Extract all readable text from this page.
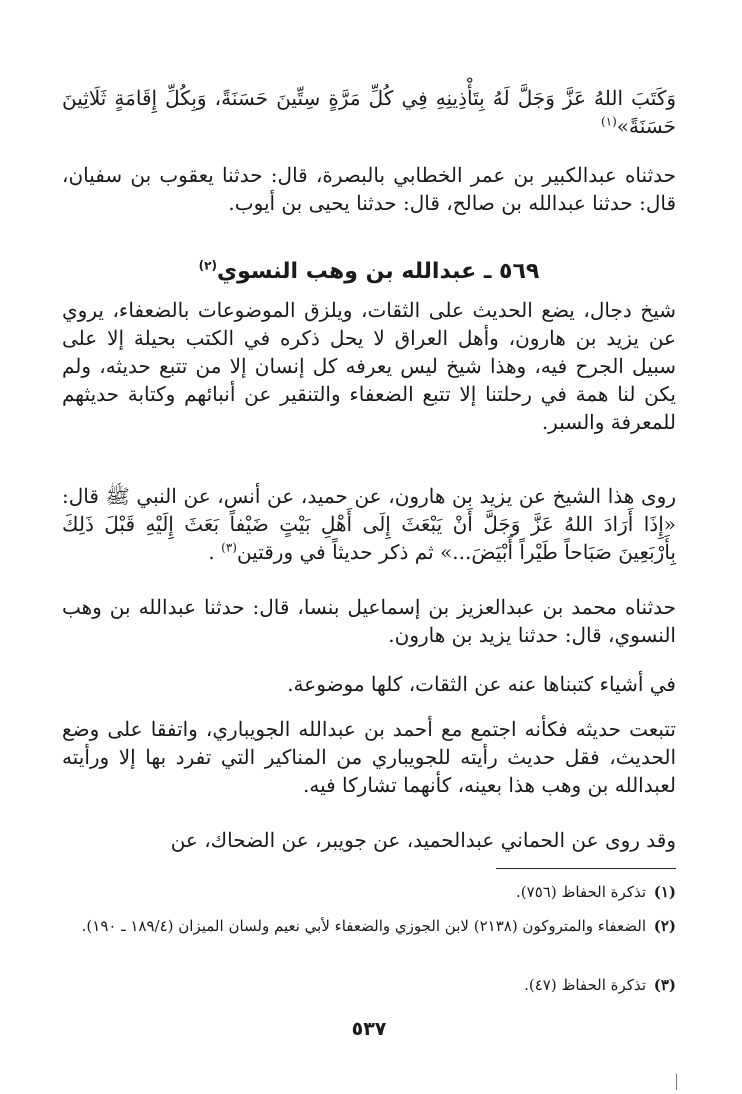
وَكَتَبَ اللهُ عَزَّ وَجَلَّ لَهُ بِتَأْذِينِهِ فِي كُلِّ مَرَّةٍ سِتِّينَ حَسَنَةً، وَبِكُلِّ إِقَامَةٍ ثَلَاثِينَ حَسَنَةً»$^{(١)}$

حدثناه عبدالكبير بن عمر الخطابي بالبصرة، قال: حدثنا يعقوب بن سفيان، قال: حدثنا عبدالله بن صالح، قال: حدثنا يحيى بن أيوب.

٥٦٩ ـ عبدالله بن وهب النسوي$^{(٢)}$

شيخ دجال، يضع الحديث على الثقات، ويلزق الموضوعات بالضعفاء، يروي عن يزيد بن هارون، وأهل العراق لا يحل ذكره في الكتب بحيلة إلا على سبيل الجرح فيه، وهذا شيخ ليس يعرفه كل إنسان إلا من تتبع حديثه، ولم يكن لنا همة في رحلتنا إلا تتبع الضعفاء والتنقير عن أنبائهم وكتابة حديثهم للمعرفة والسبر.

روى هذا الشيخ عن يزيد بن هارون، عن حميد، عن أنس، عن النبي ﷺ قال: «إِذَا أَرَادَ اللهُ عَزَّ وَجَلَّ أَنْ يَبْعَثَ إِلَى أَهْلِ بَيْتٍ ضَيْفاً بَعَثَ إِلَيْهِ قَبْلَ ذَلِكَ بِأَرْبَعِينَ صَبَاحاً طَيْراً أَبْيَضَ...» ثم ذكر حديثاً في ورقتين$^{(٣)}$ .

حدثناه محمد بن عبدالعزيز بن إسماعيل بنسا، قال: حدثنا عبدالله بن وهب النسوي، قال: حدثنا يزيد بن هارون.

في أشياء كتبناها عنه عن الثقات، كلها موضوعة.

تتبعت حديثه فكأنه اجتمع مع أحمد بن عبدالله الجويباري، واتفقا على وضع الحديث، فقل حديث رأيته للجويباري من المناكير التي تفرد بها إلا ورأيته لعبدالله بن وهب هذا بعينه، كأنهما تشاركا فيه.

وقد روى عن الحماني عبدالحميد، عن جويبر، عن الضحاك، عن

(١)
تذكرة الحفاظ (٧٥٦).
(٢)
الضعفاء والمتروكون (٢١٣٨) لابن الجوزي والضعفاء لأبي نعيم ولسان الميزان (١٨٩/٤ ـ ١٩٠).
(٣)
تذكرة الحفاظ (٤٧).
٥٣٧
